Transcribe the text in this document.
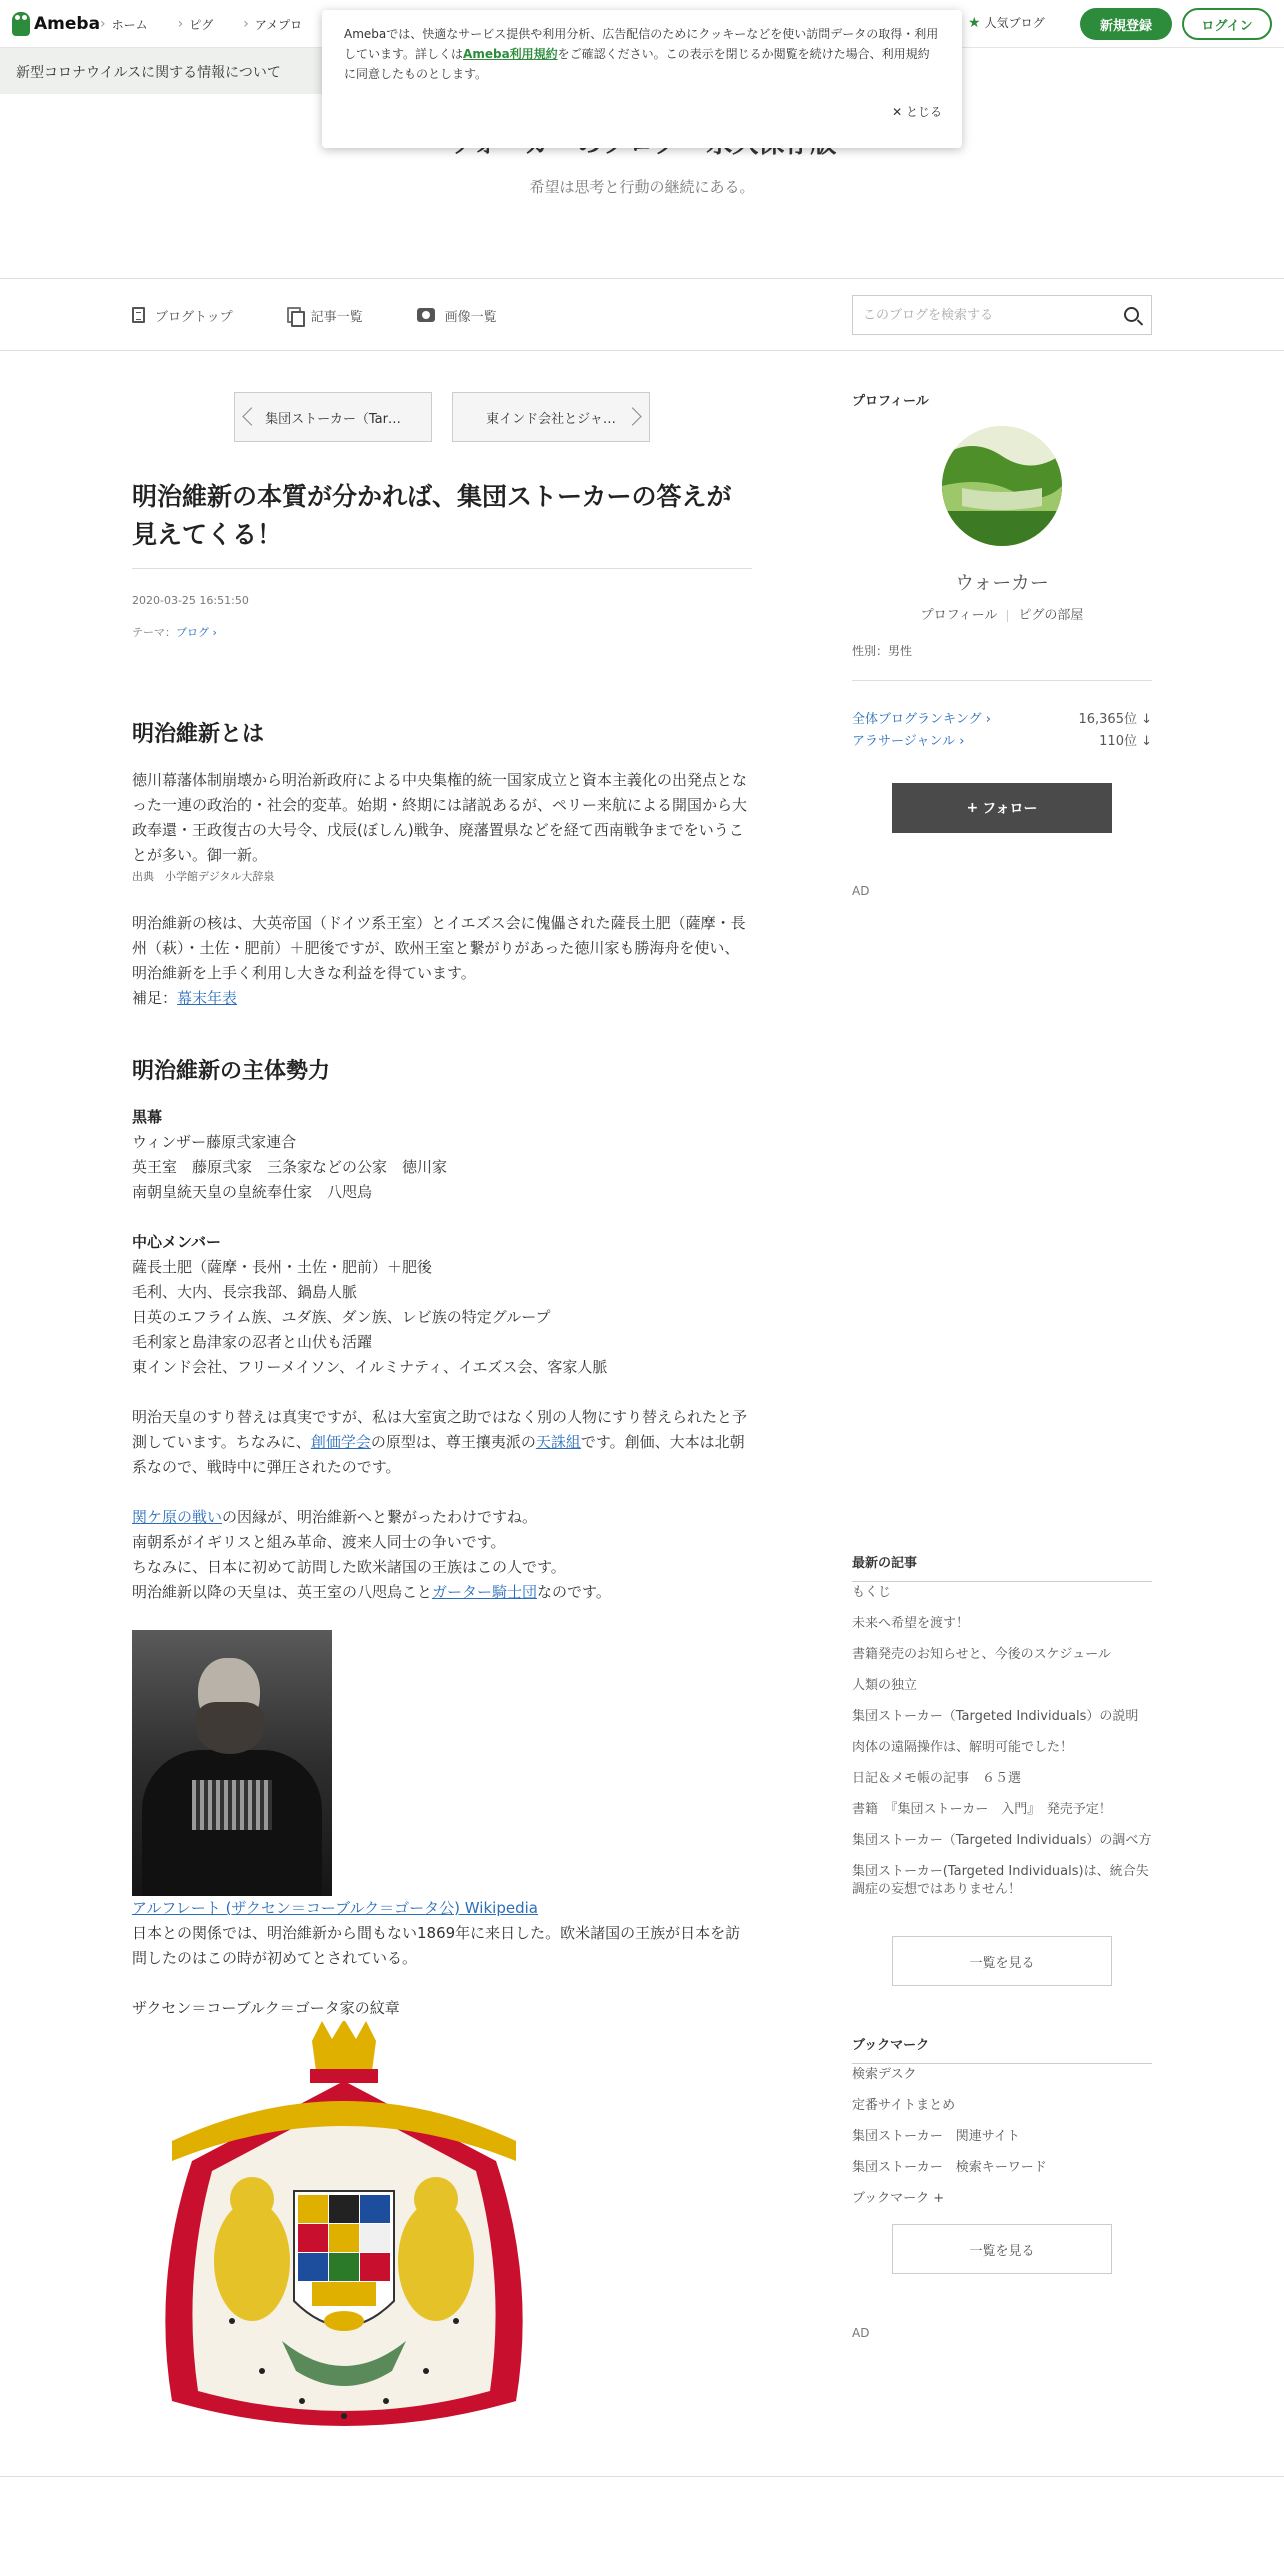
Ameba › ホーム	› ピグ	› アメプロ	★ 人気ブログ	新規登録	ログイン
新型コロナウイルスに関する情報について
Amebaでは、快適なサービス提供や利用分析、広告配信のためにクッキーなどを使い訪問データの取得・利用しています。詳しくはAmeba利用規約をご確認ください。この表示を閉じるか閲覧を続けた場合、利用規約に同意したものとします。
✕ とじる
希望は思考と行動の継続にある。
ブログトップ	記事一覧	画像一覧
このブログを検索する
集団ストーカー（Tar…	東インド会社とジャ…
明治維新の本質が分かれば、集団ストーカーの答えが見えてくる！
2020-03-25 16:51:50
テーマ：ブログ ›
明治維新とは

徳川幕藩体制崩壊から明治新政府による中央集権的統一国家成立と資本主義化の出発点となった一連の政治的・社会的変革。始期・終期には諸説あるが、ペリー来航による開国から大政奉還・王政復古の大号令、戊辰(ぼしん)戦争、廃藩置県などを経て西南戦争までをいうことが多い。御一新。

出典　小学館デジタル大辞泉

明治維新の核は、大英帝国（ドイツ系王室）とイエズス会に傀儡された薩長土肥（薩摩・長州（萩）・土佐・肥前）＋肥後ですが、欧州王室と繋がりがあった徳川家も勝海舟を使い、明治維新を上手く利用し大きな利益を得ています。

補足：幕末年表

明治維新の主体勢力

黒幕

ウィンザー藤原弐家連合

英王室　藤原弐家　三条家などの公家　徳川家

南朝皇統天皇の皇統奉仕家　八咫烏

中心メンバー

薩長土肥（薩摩・長州・土佐・肥前）＋肥後

毛利、大内、長宗我部、鍋島人脈

日英のエフライム族、ユダ族、ダン族、レビ族の特定グループ

毛利家と島津家の忍者と山伏も活躍

東インド会社、フリーメイソン、イルミナティ、イエズス会、客家人脈

明治天皇のすり替えは真実ですが、私は大室寅之助ではなく別の人物にすり替えられたと予測しています。ちなみに、創価学会の原型は、尊王攘夷派の天誅組です。創価、大本は北朝系なので、戦時中に弾圧されたのです。

関ケ原の戦いの因縁が、明治維新へと繋がったわけですね。

南朝系がイギリスと組み革命、渡来人同士の争いです。

ちなみに、日本に初めて訪問した欧米諸国の王族はこの人です。

明治維新以降の天皇は、英王室の八咫烏ことガーター騎士団なのです。

アルフレート (ザクセン＝コーブルク＝ゴータ公) Wikipedia

日本との関係では、明治維新から間もない1869年に来日した。欧米諸国の王族が日本を訪問したのはこの時が初めてとされている。

ザクセン＝コーブルク＝ゴータ家の紋章

プロフィール
ウォーカー
プロフィール ピグの部屋
性別：男性
全体ブログランキング ›	16,365位 ↓
アラサージャンル ›	110位 ↓
+ フォロー
AD
最新の記事
もくじ
未来へ希望を渡す！
書籍発売のお知らせと、今後のスケジュール
人類の独立
集団ストーカー（Targeted Individuals）の説明
肉体の遠隔操作は、解明可能でした！
日記＆メモ帳の記事　６５選
書籍　『集団ストーカー　入門』　発売予定！
集団ストーカー（Targeted Individuals）の調べ方
集団ストーカー(Targeted Individuals)は、統合失調症の妄想ではありません！
一覧を見る
ブックマーク
検索デスク
定番サイトまとめ
集団ストーカー　関連サイト
集団ストーカー　検索キーワード
ブックマーク +
一覧を見る
AD
